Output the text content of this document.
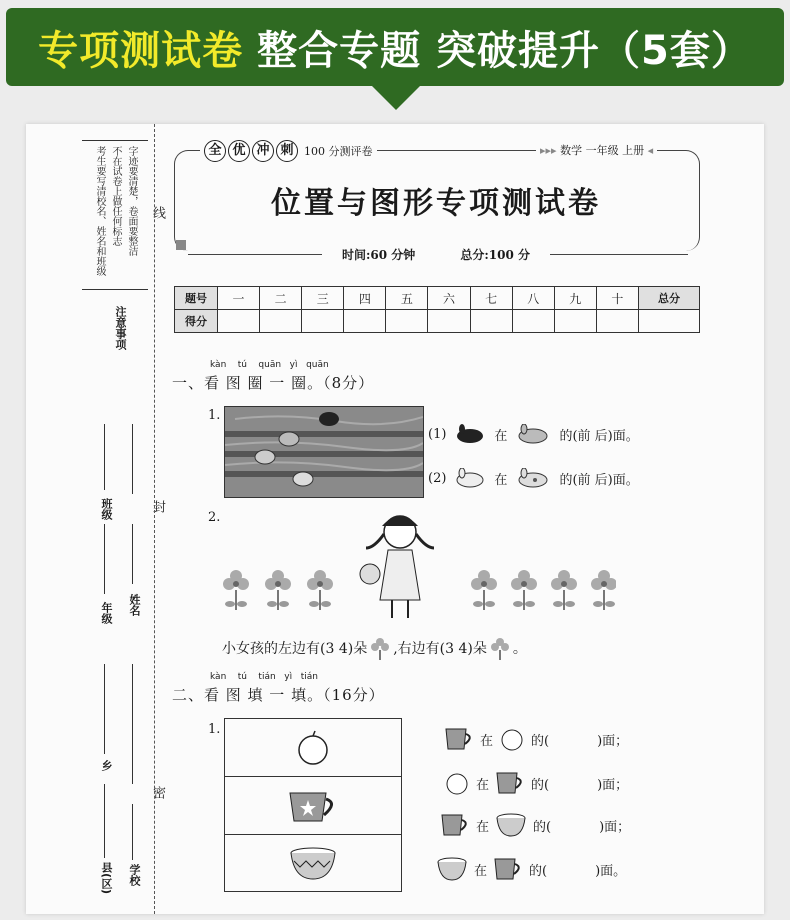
专项测试卷 整合专题 突破提升（5套）
考生要写清校名、姓名和班级 不在试卷上做任何标志 字迹要清楚，卷面要整洁
注意事项
线
封
密
班级
年级 姓名
乡
县(区) 学校
全 优 冲 刺 100 分测评卷	▸▸▸ 数学 一年级 上册 ◂
位置与图形专项测试卷
时间:60 分钟	总分:100 分
题号	一	二	三	四	五	六	七	八	九	十	总分
得分											
kàn tú quān yì quān
一、看 图 圈 一 圈。（8分）
1.
(1)	在	的(前 后)面。
(2)	在	的(前 后)面。
2.
小女孩的左边有(3 4)朵 ,右边有(3 4)朵 。
kàn tú tián yì tián
二、看 图 填 一 填。（16分）
1.
在	的(	)面；
在	的(	)面；
在	的(	)面；
在	的(	)面。
